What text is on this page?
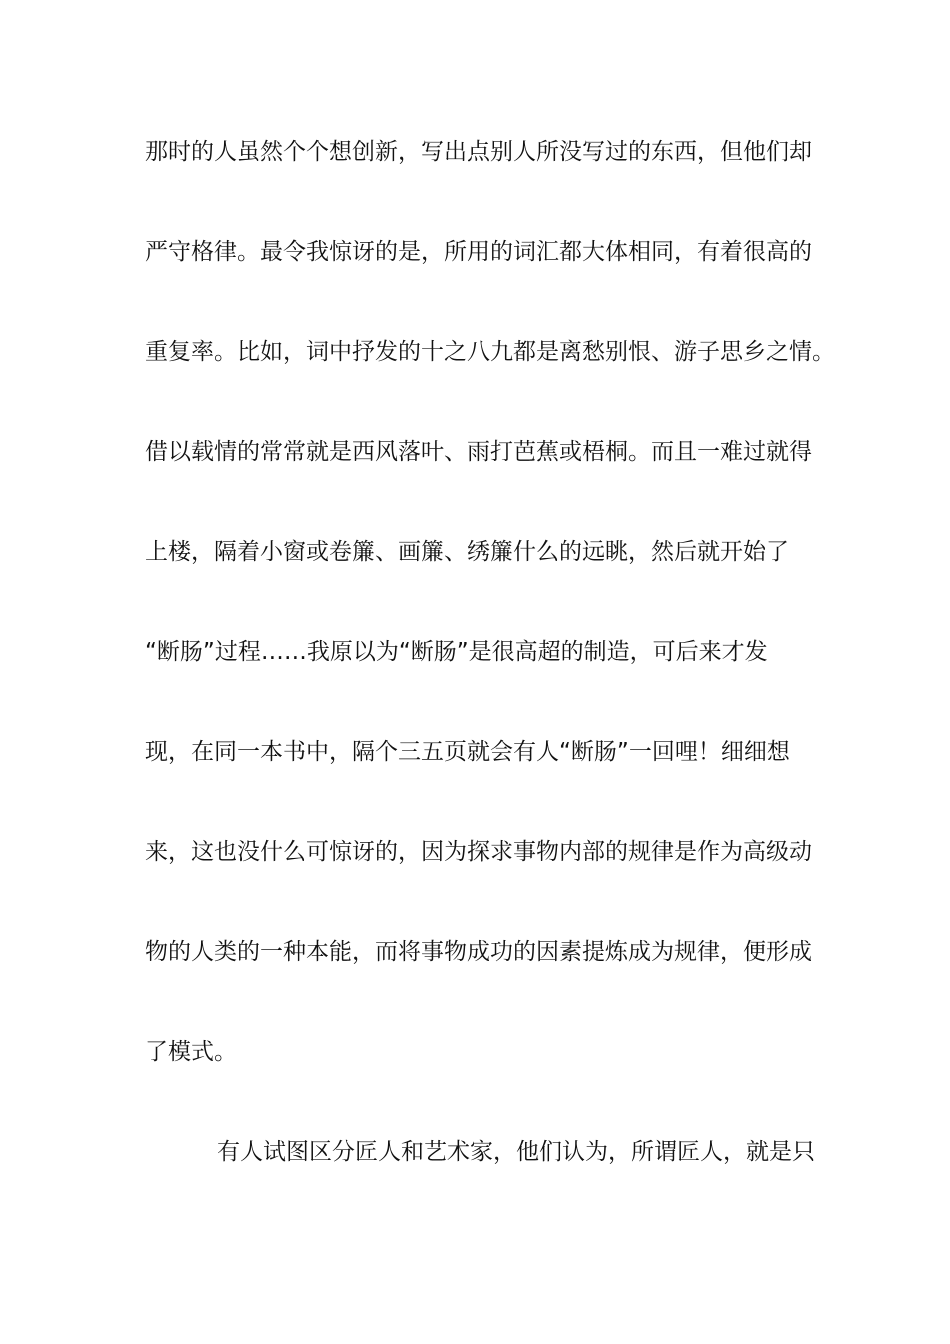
那时的人虽然个个想创新，写出点别人所没写过的东西，但他们却
严守格律。最令我惊讶的是，所用的词汇都大体相同，有着很高的
重复率。比如，词中抒发的十之八九都是离愁别恨、游子思乡之情。
借以载情的常常就是西风落叶、雨打芭蕉或梧桐。而且一难过就得
上楼，隔着小窗或卷簾、画簾、绣簾什么的远眺，然后就开始了
“断肠”过程……我原以为“断肠”是很高超的制造，可后来才发
现，在同一本书中，隔个三五页就会有人“断肠”一回哩！细细想
来，这也没什么可惊讶的，因为探求事物内部的规律是作为高级动
物的人类的一种本能，而将事物成功的因素提炼成为规律，便形成
了模式。
有人试图区分匠人和艺术家，他们认为，所谓匠人，就是只
